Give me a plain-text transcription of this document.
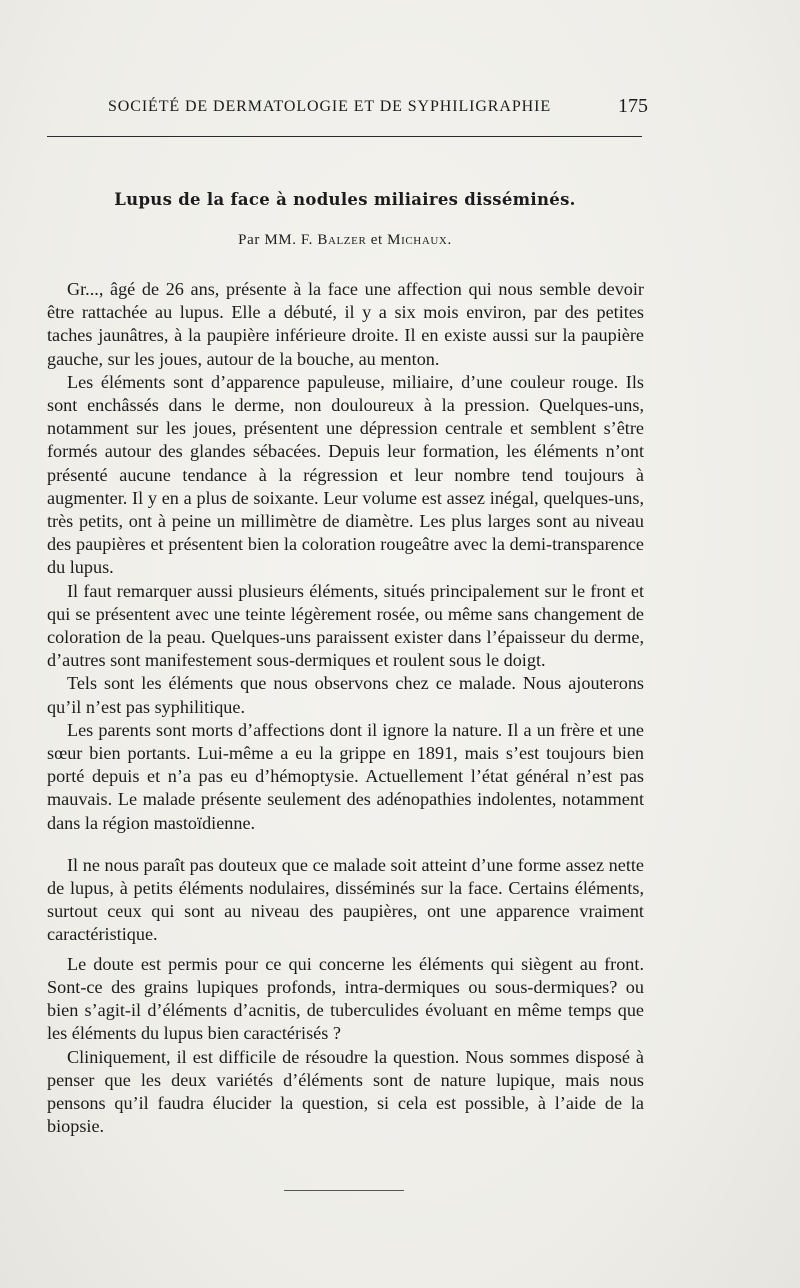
SOCIÉTÉ DE DERMATOLOGIE ET DE SYPHILIGRAPHIE	175
Lupus de la face à nodules miliaires disséminés.
Par MM. F. Balzer et Michaux.

Gr..., âgé de 26 ans, présente à la face une affection qui nous semble devoir être rattachée au lupus. Elle a débuté, il y a six mois environ, par des petites taches jaunâtres, à la paupière inférieure droite. Il en existe aussi sur la paupière gauche, sur les joues, autour de la bouche, au menton.

Les éléments sont d’apparence papuleuse, miliaire, d’une couleur rouge. Ils sont enchâssés dans le derme, non douloureux à la pression. Quelques-uns, notamment sur les joues, présentent une dépression centrale et semblent s’être formés autour des glandes sébacées. Depuis leur formation, les éléments n’ont présenté aucune tendance à la régression et leur nombre tend toujours à augmenter. Il y en a plus de soixante. Leur volume est assez inégal, quelques-uns, très petits, ont à peine un millimètre de diamètre. Les plus larges sont au niveau des paupières et présentent bien la coloration rougeâtre avec la demi-transparence du lupus.

Il faut remarquer aussi plusieurs éléments, situés principalement sur le front et qui se présentent avec une teinte légèrement rosée, ou même sans changement de coloration de la peau. Quelques-uns paraissent exister dans l’épaisseur du derme, d’autres sont manifestement sous-dermiques et roulent sous le doigt.

Tels sont les éléments que nous observons chez ce malade. Nous ajouterons qu’il n’est pas syphilitique.

Les parents sont morts d’affections dont il ignore la nature. Il a un frère et une sœur bien portants. Lui-même a eu la grippe en 1891, mais s’est toujours bien porté depuis et n’a pas eu d’hémoptysie. Actuellement l’état général n’est pas mauvais. Le malade présente seulement des adénopathies indolentes, notamment dans la région mastoïdienne.

Il ne nous paraît pas douteux que ce malade soit atteint d’une forme assez nette de lupus, à petits éléments nodulaires, disséminés sur la face. Certains éléments, surtout ceux qui sont au niveau des paupières, ont une apparence vraiment caractéristique.

Le doute est permis pour ce qui concerne les éléments qui siègent au front. Sont-ce des grains lupiques profonds, intra-dermiques ou sous-dermiques? ou bien s’agit-il d’éléments d’acnitis, de tuberculides évoluant en même temps que les éléments du lupus bien caractérisés ?

Cliniquement, il est difficile de résoudre la question. Nous sommes disposé à penser que les deux variétés d’éléments sont de nature lupique, mais nous pensons qu’il faudra élucider la question, si cela est possible, à l’aide de la biopsie.
